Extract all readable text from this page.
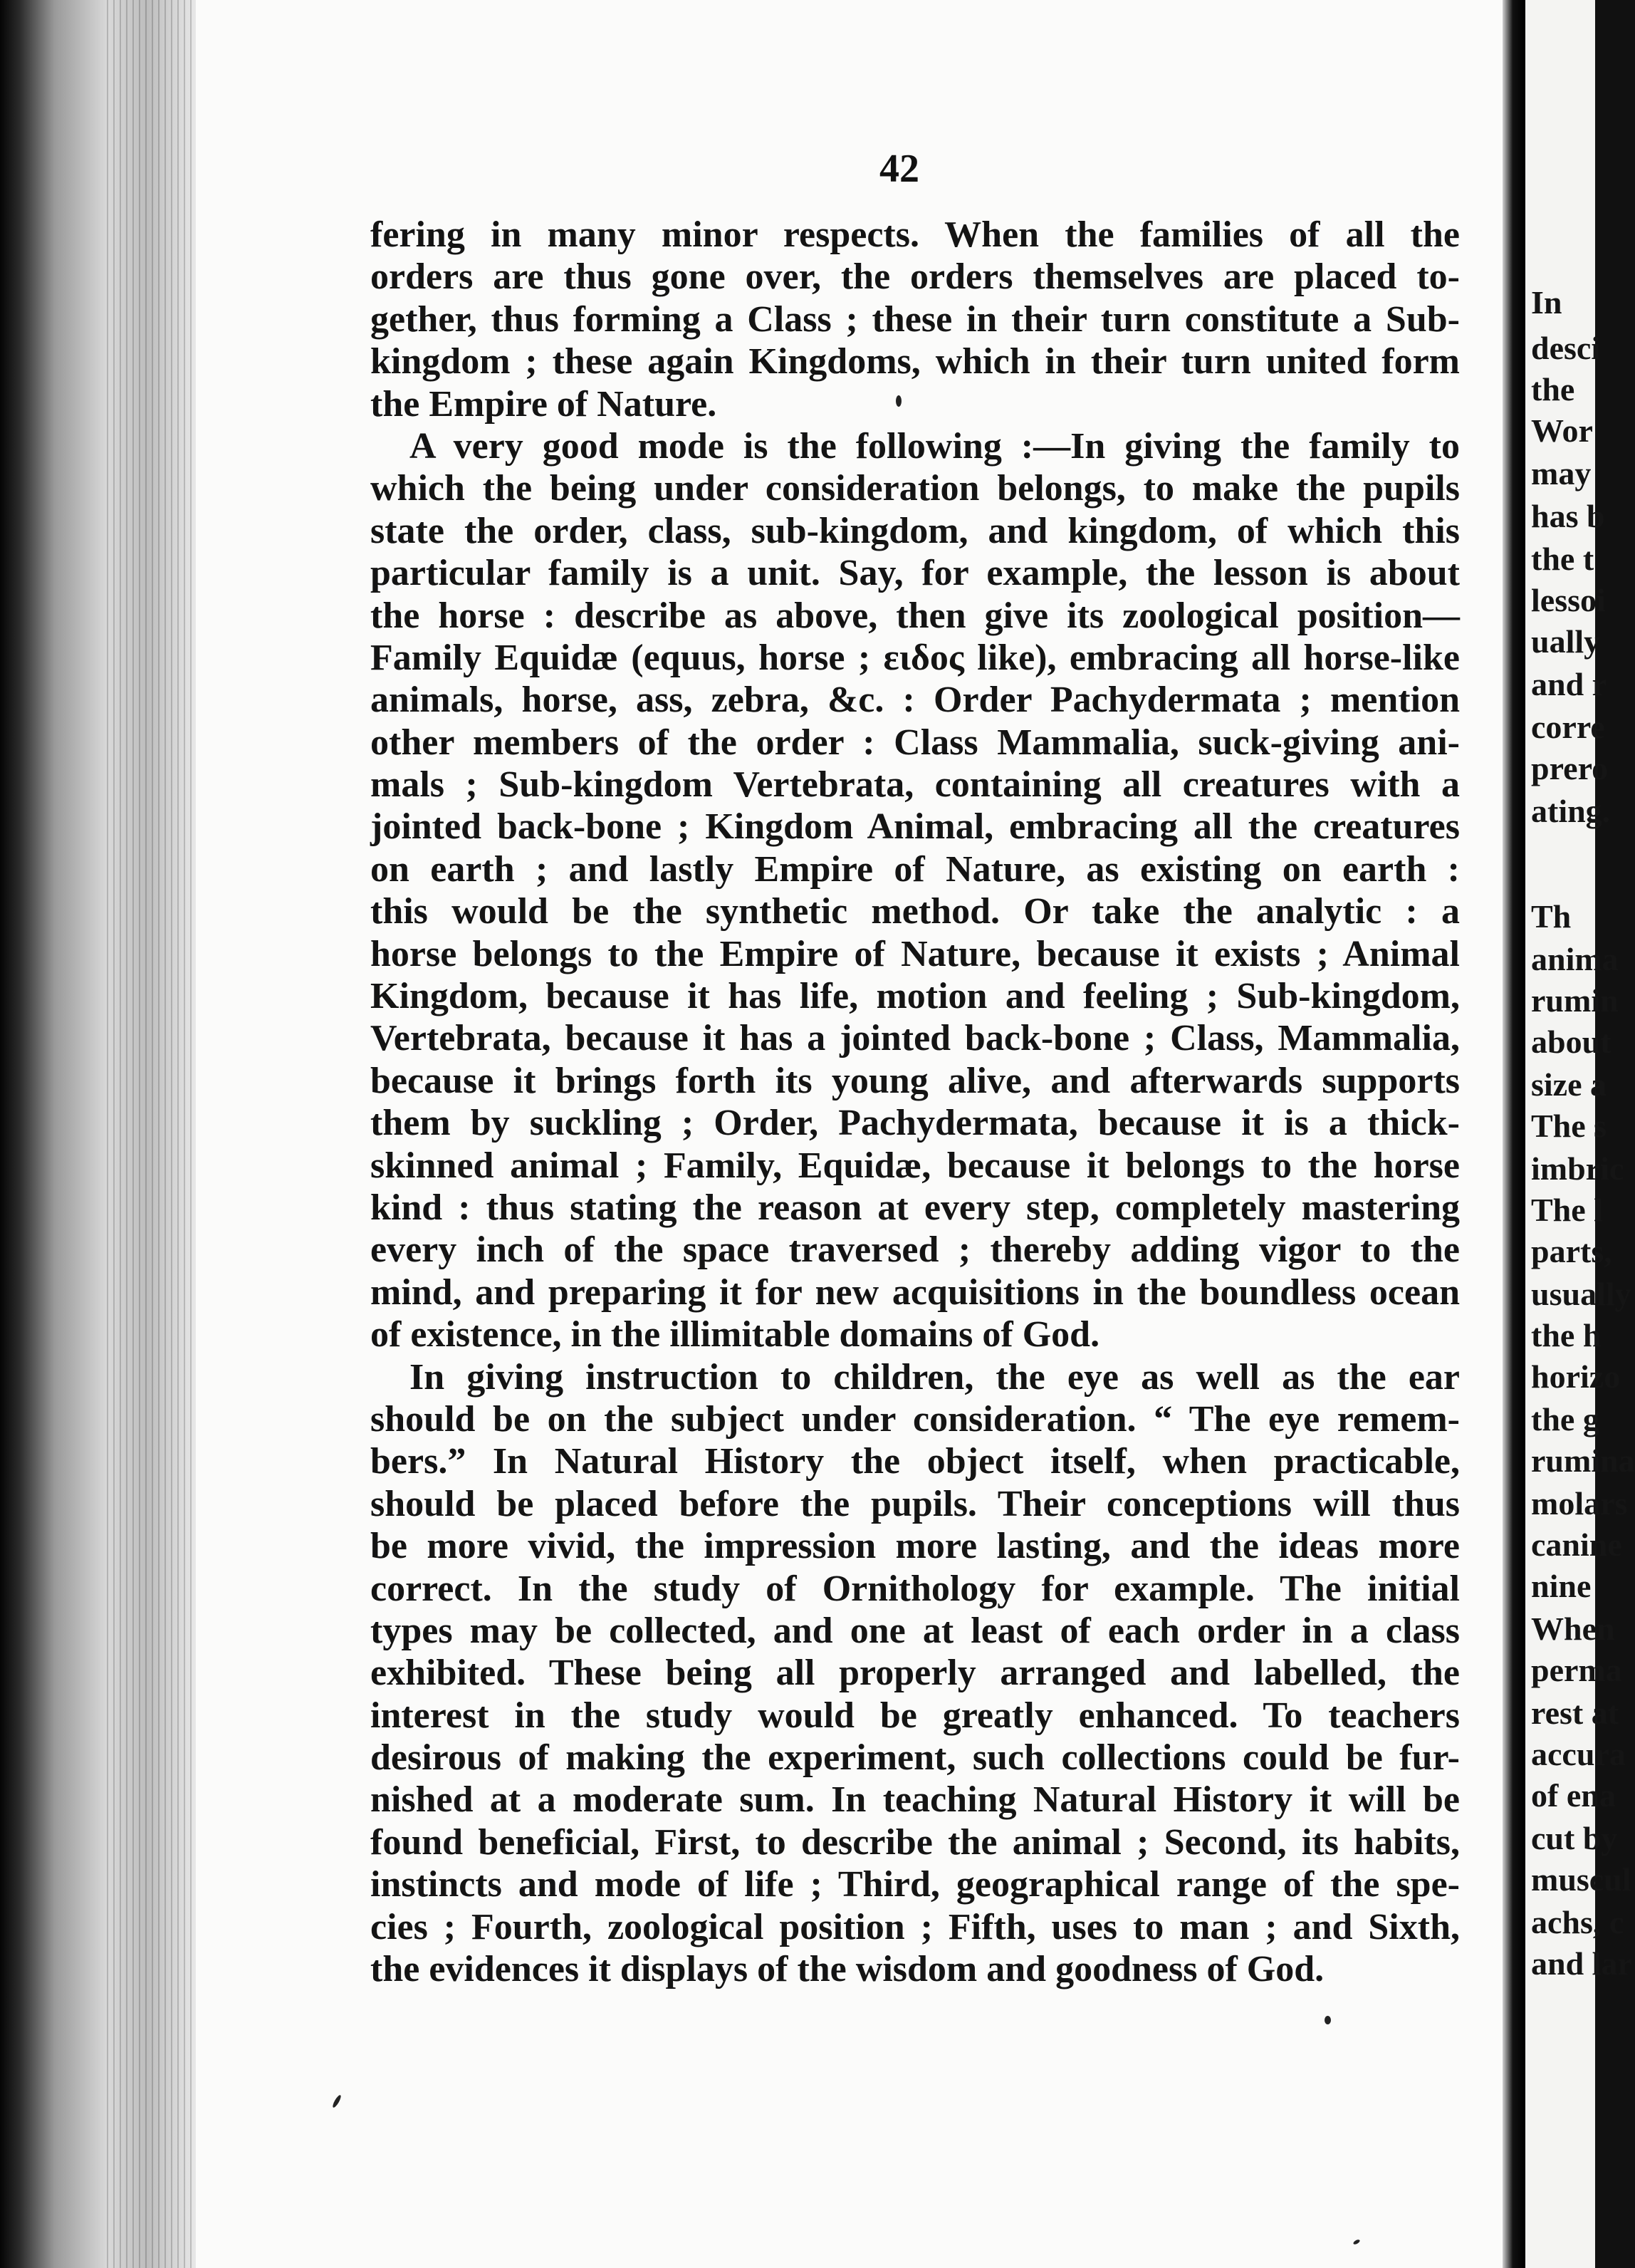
In
desci
the
Wor
may
has b
the t
lessoi
ually
and r
corre
prero
ating.
Th
anima
rumin
about
size a
The s
imbric
The l
parts,
usually
the h
horizo
the g
rumina
molars
canine
nine
When
perma
rest at
accura
of ena
cut by
muscul
achs, c
and lar
42
fering in many minor respects. When the families of all the
orders are thus gone over, the orders themselves are placed to-
gether, thus forming a Class ; these in their turn constitute a Sub-
kingdom ; these again Kingdoms, which in their turn united form
the Empire of Nature.
A very good mode is the following :—In giving the family to
which the being under consideration belongs, to make the pupils
state the order, class, sub-kingdom, and kingdom, of which this
particular family is a unit. Say, for example, the lesson is about
the horse : describe as above, then give its zoological position—
Family Equidæ (equus, horse ; ειδος like), embracing all horse-like
animals, horse, ass, zebra, &c. : Order Pachydermata ; mention
other members of the order : Class Mammalia, suck-giving ani-
mals ; Sub-kingdom Vertebrata, containing all creatures with a
jointed back-bone ; Kingdom Animal, embracing all the creatures
on earth ; and lastly Empire of Nature, as existing on earth :
this would be the synthetic method. Or take the analytic : a
horse belongs to the Empire of Nature, because it exists ; Animal
Kingdom, because it has life, motion and feeling ; Sub-kingdom,
Vertebrata, because it has a jointed back-bone ; Class, Mammalia,
because it brings forth its young alive, and afterwards supports
them by suckling ; Order, Pachydermata, because it is a thick-
skinned animal ; Family, Equidæ, because it belongs to the horse
kind : thus stating the reason at every step, completely mastering
every inch of the space traversed ; thereby adding vigor to the
mind, and preparing it for new acquisitions in the boundless ocean
of existence, in the illimitable domains of God.
In giving instruction to children, the eye as well as the ear
should be on the subject under consideration. “ The eye remem-
bers.” In Natural History the object itself, when practicable,
should be placed before the pupils. Their conceptions will thus
be more vivid, the impression more lasting, and the ideas more
correct. In the study of Ornithology for example. The initial
types may be collected, and one at least of each order in a class
exhibited. These being all properly arranged and labelled, the
interest in the study would be greatly enhanced. To teachers
desirous of making the experiment, such collections could be fur-
nished at a moderate sum. In teaching Natural History it will be
found beneficial, First, to describe the animal ; Second, its habits,
instincts and mode of life ; Third, geographical range of the spe-
cies ; Fourth, zoological position ; Fifth, uses to man ; and Sixth,
the evidences it displays of the wisdom and goodness of God.
